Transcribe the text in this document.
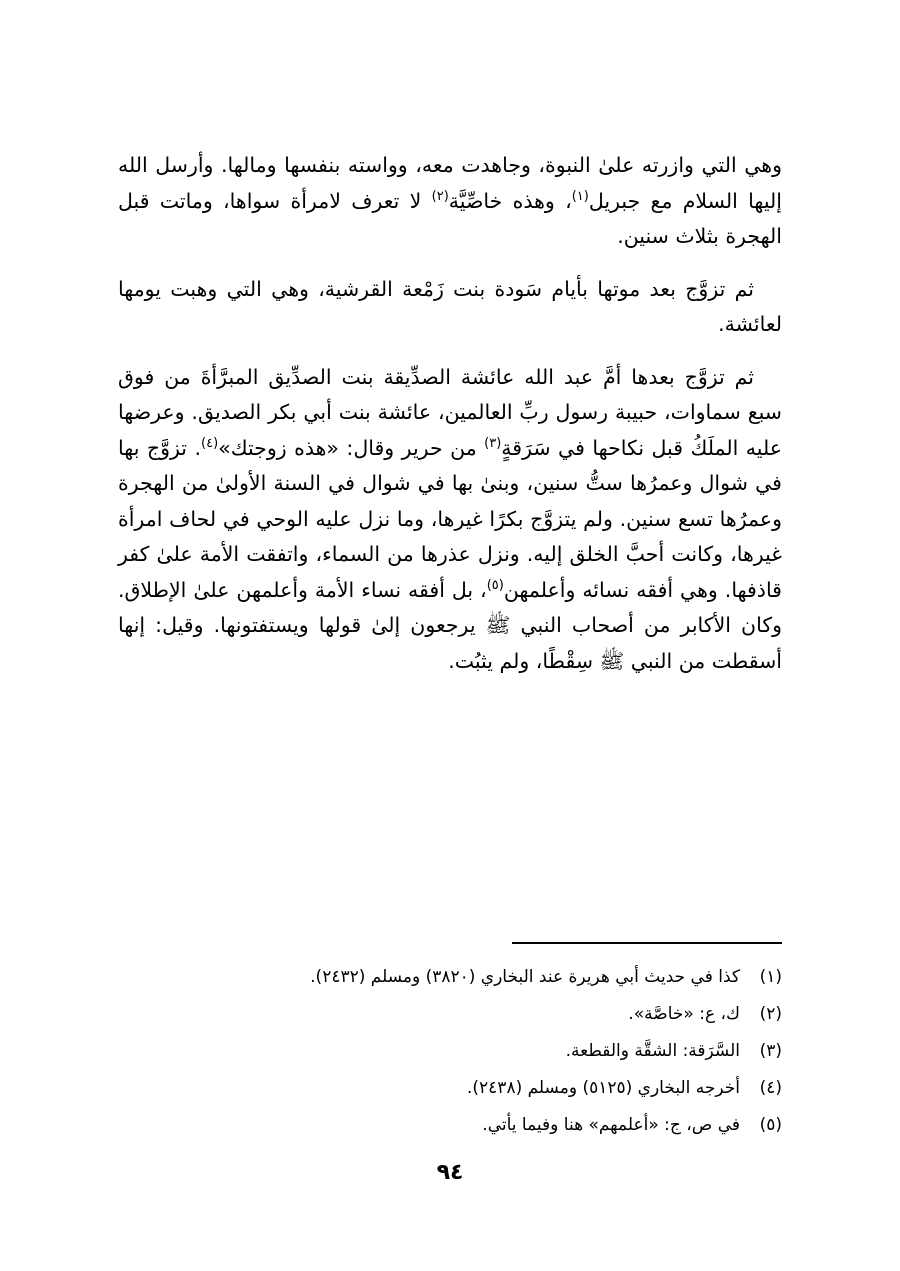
وهي التي وازرته علىٰ النبوة، وجاهدت معه، وواسته بنفسها ومالها. وأرسل الله إليها السلام مع جبريل$^{(١)}$، وهذه خاصِّيَّة$^{(٢)}$ لا تعرف لامرأة سواها، وماتت قبل الهجرة بثلاث سنين.

ثم تزوَّج بعد موتها بأيام سَودة بنت زَمْعة القرشية، وهي التي وهبت يومها لعائشة.

ثم تزوَّج بعدها أمَّ عبد الله عائشة الصدِّيقة بنت الصدِّيق المبرَّأةَ من فوق سبع سماوات، حبيبة رسول ربِّ العالمين، عائشة بنت أبي بكر الصديق. وعرضها عليه الملَكُ قبل نكاحها في سَرَقةٍ$^{(٣)}$ من حرير وقال: «هذه زوجتك»$^{(٤)}$. تزوَّج بها في شوال وعمرُها ستُّ سنين، وبنىٰ بها في شوال في السنة الأولىٰ من الهجرة وعمرُها تسع سنين. ولم يتزوَّج بكرًا غيرها، وما نزل عليه الوحي في لحاف امرأة غيرها، وكانت أحبَّ الخلق إليه. ونزل عذرها من السماء، واتفقت الأمة علىٰ كفر قاذفها. وهي أفقه نسائه وأعلمهن$^{(٥)}$، بل أفقه نساء الأمة وأعلمهن علىٰ الإطلاق. وكان الأكابر من أصحاب النبي ﷺ يرجعون إلىٰ قولها ويستفتونها. وقيل: إنها أسقطت من النبي ﷺ سِقْطًا، ولم يثبُت.

(١)
كذا في حديث أبي هريرة عند البخاري (٣٨٢٠) ومسلم (٢٤٣٢).
(٢)
ك، ع: «خاصَّة».
(٣)
السَّرَقة: الشقَّة والقطعة.
(٤)
أخرجه البخاري (٥١٢٥) ومسلم (٢٤٣٨).
(٥)
في ص، ج: «أعلمهم» هنا وفيما يأتي.
٩٤
